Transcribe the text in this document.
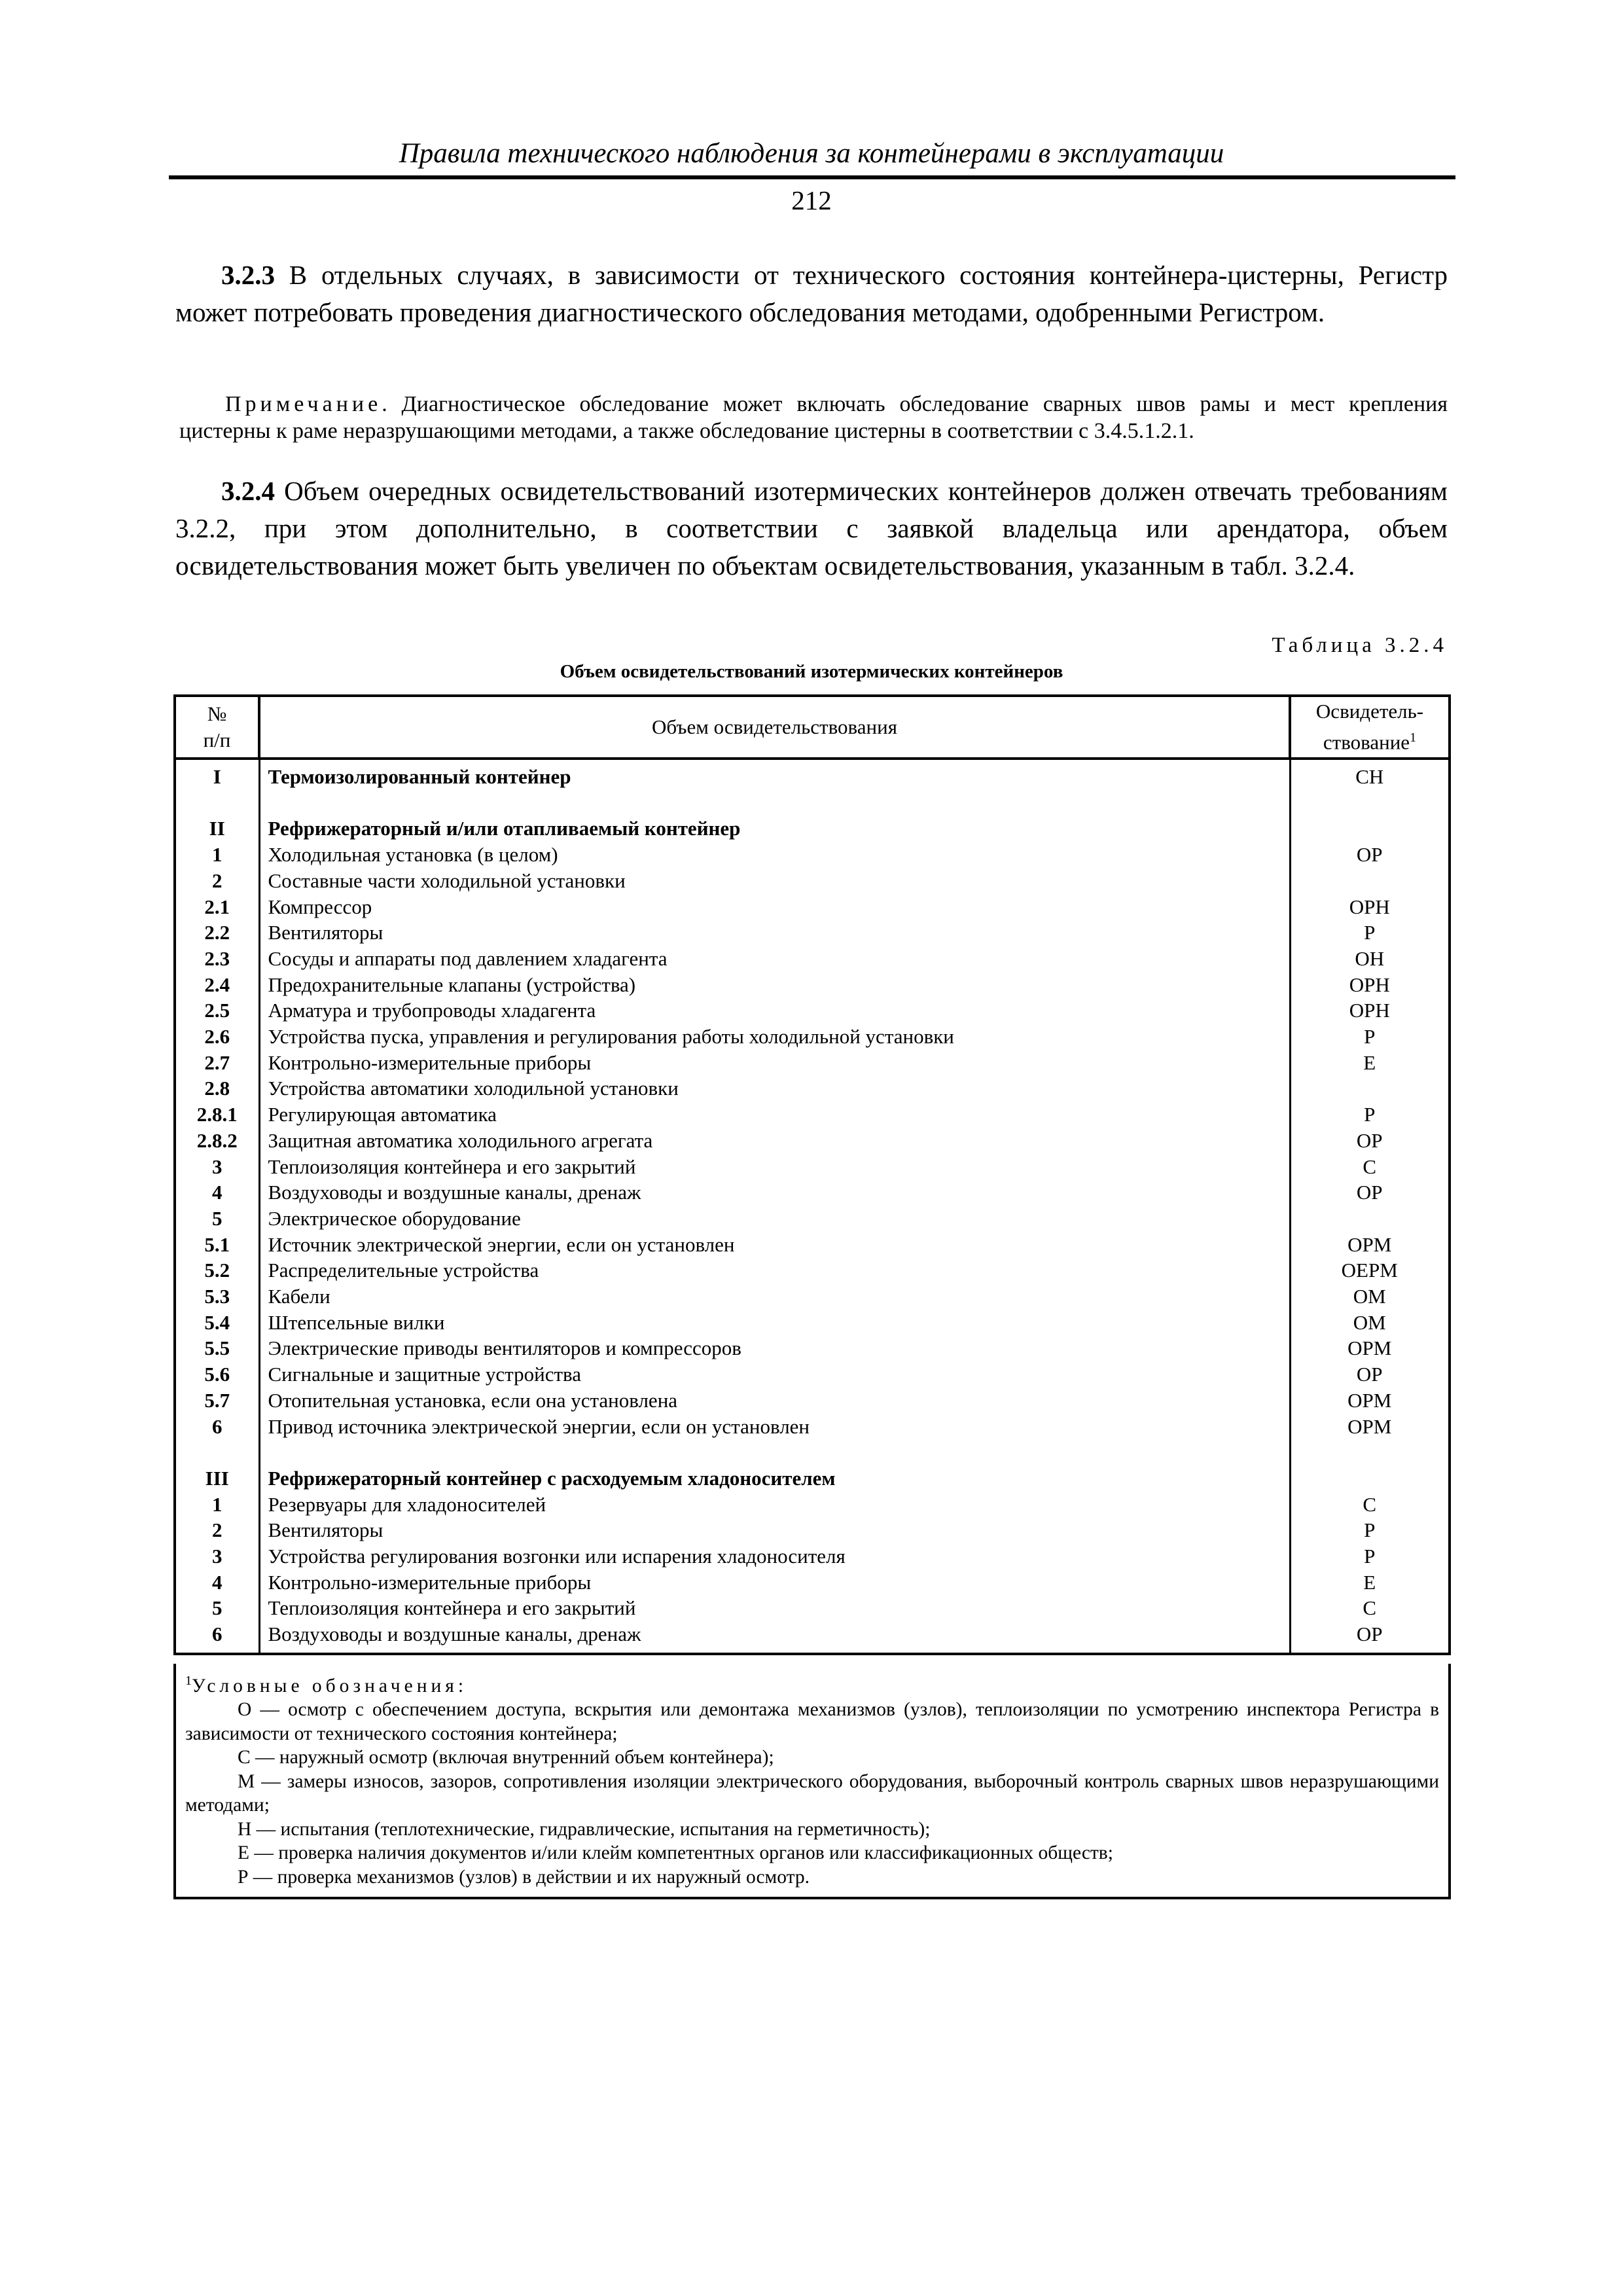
Правила технического наблюдения за контейнерами в эксплуатации
212
3.2.3 В отдельных случаях, в зависимости от технического состояния контейнера-цистерны, Регистр может потребовать проведения диагностического обследования методами, одобренными Регистром.
Примечание. Диагностическое обследование может включать обследование сварных швов рамы и мест крепления цистерны к раме неразрушающими методами, а также обследование цистерны в соответствии с 3.4.5.1.2.1.
3.2.4 Объем очередных освидетельствований изотермических контейнеров должен отвечать требованиям 3.2.2, при этом дополнительно, в соответствии с заявкой владельца или арендатора, объем освидетельствования может быть увеличен по объектам освидетельствования, указанным в табл. 3.2.4.
Таблица 3.2.4
Объем освидетельствований изотермических контейнеров
№
п/п	Объем освидетельствования	Освидетель-
ствование$^1$
I	Термоизолированный контейнер	СН

II	Рефрижераторный и/или отапливаемый контейнер	
1	Холодильная установка (в целом)	ОР
2	Составные части холодильной установки	
2.1	Компрессор	ОРН
2.2	Вентиляторы	Р
2.3	Сосуды и аппараты под давлением хладагента	ОН
2.4	Предохранительные клапаны (устройства)	ОРН
2.5	Арматура и трубопроводы хладагента	ОРН
2.6	Устройства пуска, управления и регулирования работы холодильной установки	Р
2.7	Контрольно-измерительные приборы	Е
2.8	Устройства автоматики холодильной установки	
2.8.1	Регулирующая автоматика	Р
2.8.2	Защитная автоматика холодильного агрегата	ОР
3	Теплоизоляция контейнера и его закрытий	С
4	Воздуховоды и воздушные каналы, дренаж	ОР
5	Электрическое оборудование	
5.1	Источник электрической энергии, если он установлен	ОРМ
5.2	Распределительные устройства	ОЕРМ
5.3	Кабели	ОМ
5.4	Штепсельные вилки	ОМ
5.5	Электрические приводы вентиляторов и компрессоров	ОРМ
5.6	Сигнальные и защитные устройства	ОР
5.7	Отопительная установка, если она установлена	ОРМ
6	Привод источника электрической энергии, если он установлен	ОРМ

III	Рефрижераторный контейнер с расходуемым хладоносителем	
1	Резервуары для хладоносителей	С
2	Вентиляторы	Р
3	Устройства регулирования возгонки или испарения хладоносителя	Р
4	Контрольно-измерительные приборы	Е
5	Теплоизоляция контейнера и его закрытий	С
6	Воздуховоды и воздушные каналы, дренаж	ОР
$^1$Условные обозначения:
О — осмотр с обеспечением доступа, вскрытия или демонтажа механизмов (узлов), теплоизоляции по усмотрению инспектора Регистра в зависимости от технического состояния контейнера;
С — наружный осмотр (включая внутренний объем контейнера);
М — замеры износов, зазоров, сопротивления изоляции электрического оборудования, выборочный контроль сварных швов неразрушающими методами;
Н — испытания (теплотехнические, гидравлические, испытания на герметичность);
Е — проверка наличия документов и/или клейм компетентных органов или классификационных обществ;
Р — проверка механизмов (узлов) в действии и их наружный осмотр.
